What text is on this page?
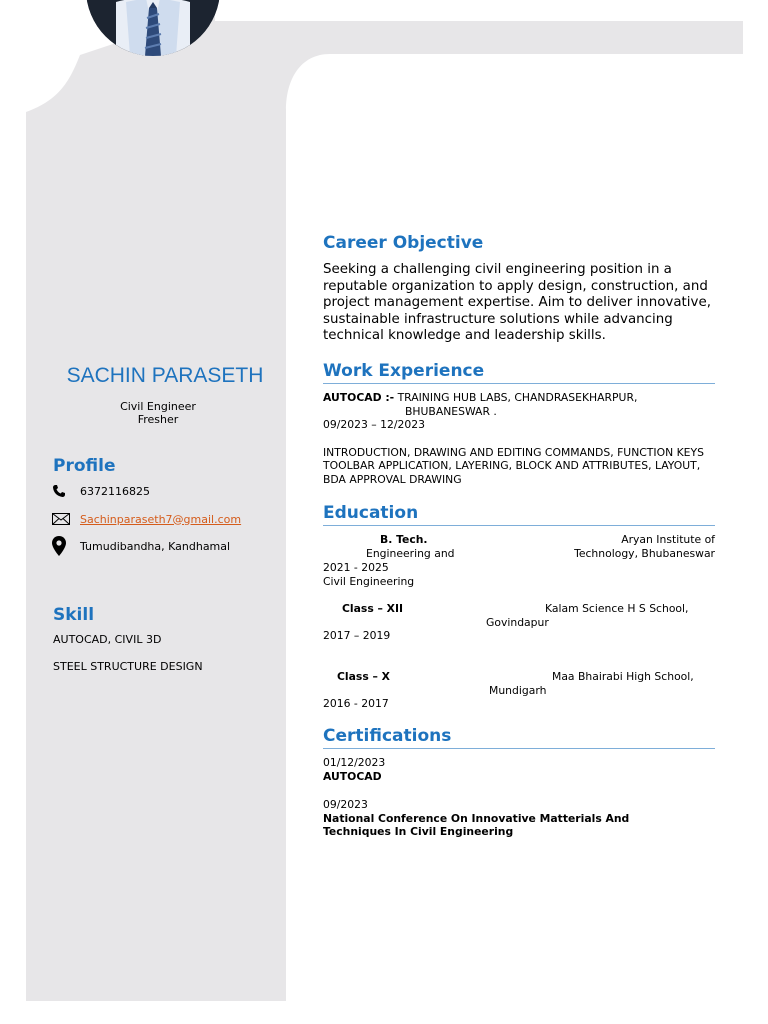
SACHIN PARASETH
Civil Engineer
Fresher
Profile
6372116825
Sachinparaseth7@gmail.com
Tumudibandha, Kandhamal
Skill
AUTOCAD, CIVIL 3D
STEEL STRUCTURE DESIGN
Career Objective
Seeking a challenging civil engineering position in a reputable organization to apply design, construction, and project management expertise. Aim to deliver innovative, sustainable infrastructure solutions while advancing technical knowledge and leadership skills.
Work Experience
AUTOCAD :- TRAINING HUB LABS, CHANDRASEKHARPUR,
BHUBANESWAR .
09/2023 – 12/2023
INTRODUCTION, DRAWING AND EDITING COMMANDS, FUNCTION KEYS TOOLBAR APPLICATION, LAYERING, BLOCK AND ATTRIBUTES, LAYOUT, BDA APPROVAL DRAWING
Education
B. Tech.
Engineering and
Aryan Institute of Technology, Bhubaneswar
2021 - 2025
Civil Engineering
Class – XII	Kalam Science H S School,
Govindapur
2017 – 2019
Class – X	Maa Bhairabi High School,
Mundigarh
2016 - 2017
Certifications
01/12/2023
AUTOCAD
09/2023
National Conference On Innovative Matterials And Techniques In Civil Engineering
